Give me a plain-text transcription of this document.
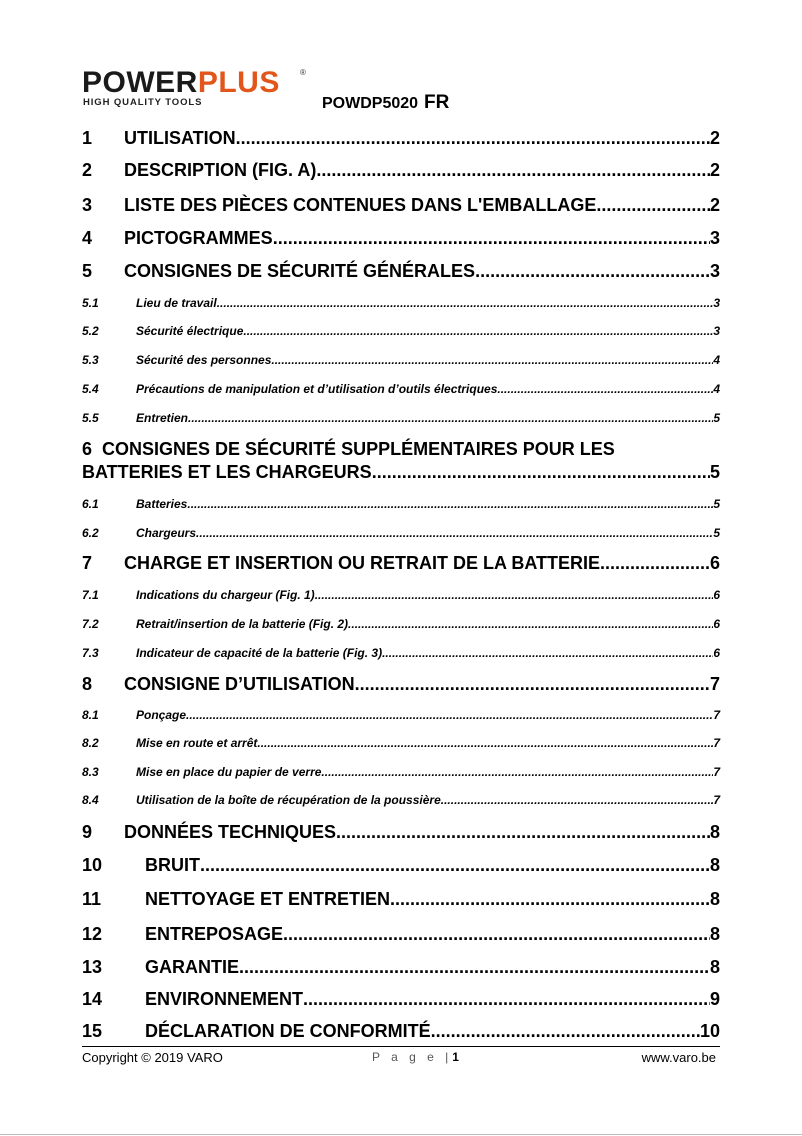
POWERPLUS	®
HIGH QUALITY TOOLS	POWDP5020 FR
1	UTILISATION .....	2
2	DESCRIPTION (FIG. A) .....	2
3	LISTE DES PIÈCES CONTENUES DANS L'EMBALLAGE .....	2
4	PICTOGRAMMES .....	3
5	CONSIGNES DE SÉCURITÉ GÉNÉRALES .....	3
5.1	Lieu de travail .....	3
5.2	Sécurité électrique .....	3
5.3	Sécurité des personnes .....	4
5.4	Précautions de manipulation et d’utilisation d’outils électriques .....	4
5.5	Entretien .....	5
6 CONSIGNES DE SÉCURITÉ SUPPLÉMENTAIRES POUR LES
BATTERIES ET LES CHARGEURS .....	5
6.1	Batteries .....	5
6.2	Chargeurs .....	5
7	CHARGE ET INSERTION OU RETRAIT DE LA BATTERIE .....	6
7.1	Indications du chargeur (Fig. 1) .....	6
7.2	Retrait/insertion de la batterie (Fig. 2) .....	6
7.3	Indicateur de capacité de la batterie (Fig. 3) .....	6
8	CONSIGNE D’UTILISATION .....	7
8.1	Ponçage .....	7
8.2	Mise en route et arrêt .....	7
8.3	Mise en place du papier de verre .....	7
8.4	Utilisation de la boîte de récupération de la poussière .....	7
9	DONNÉES TECHNIQUES .....	8
10	BRUIT .....	8
11	NETTOYAGE ET ENTRETIEN .....	8
12	ENTREPOSAGE .....	8
13	GARANTIE .....	8
14	ENVIRONNEMENT .....	9
15	DÉCLARATION DE CONFORMITÉ .....	10
Copyright © 2019 VARO	P a g e |1	www.varo.be
